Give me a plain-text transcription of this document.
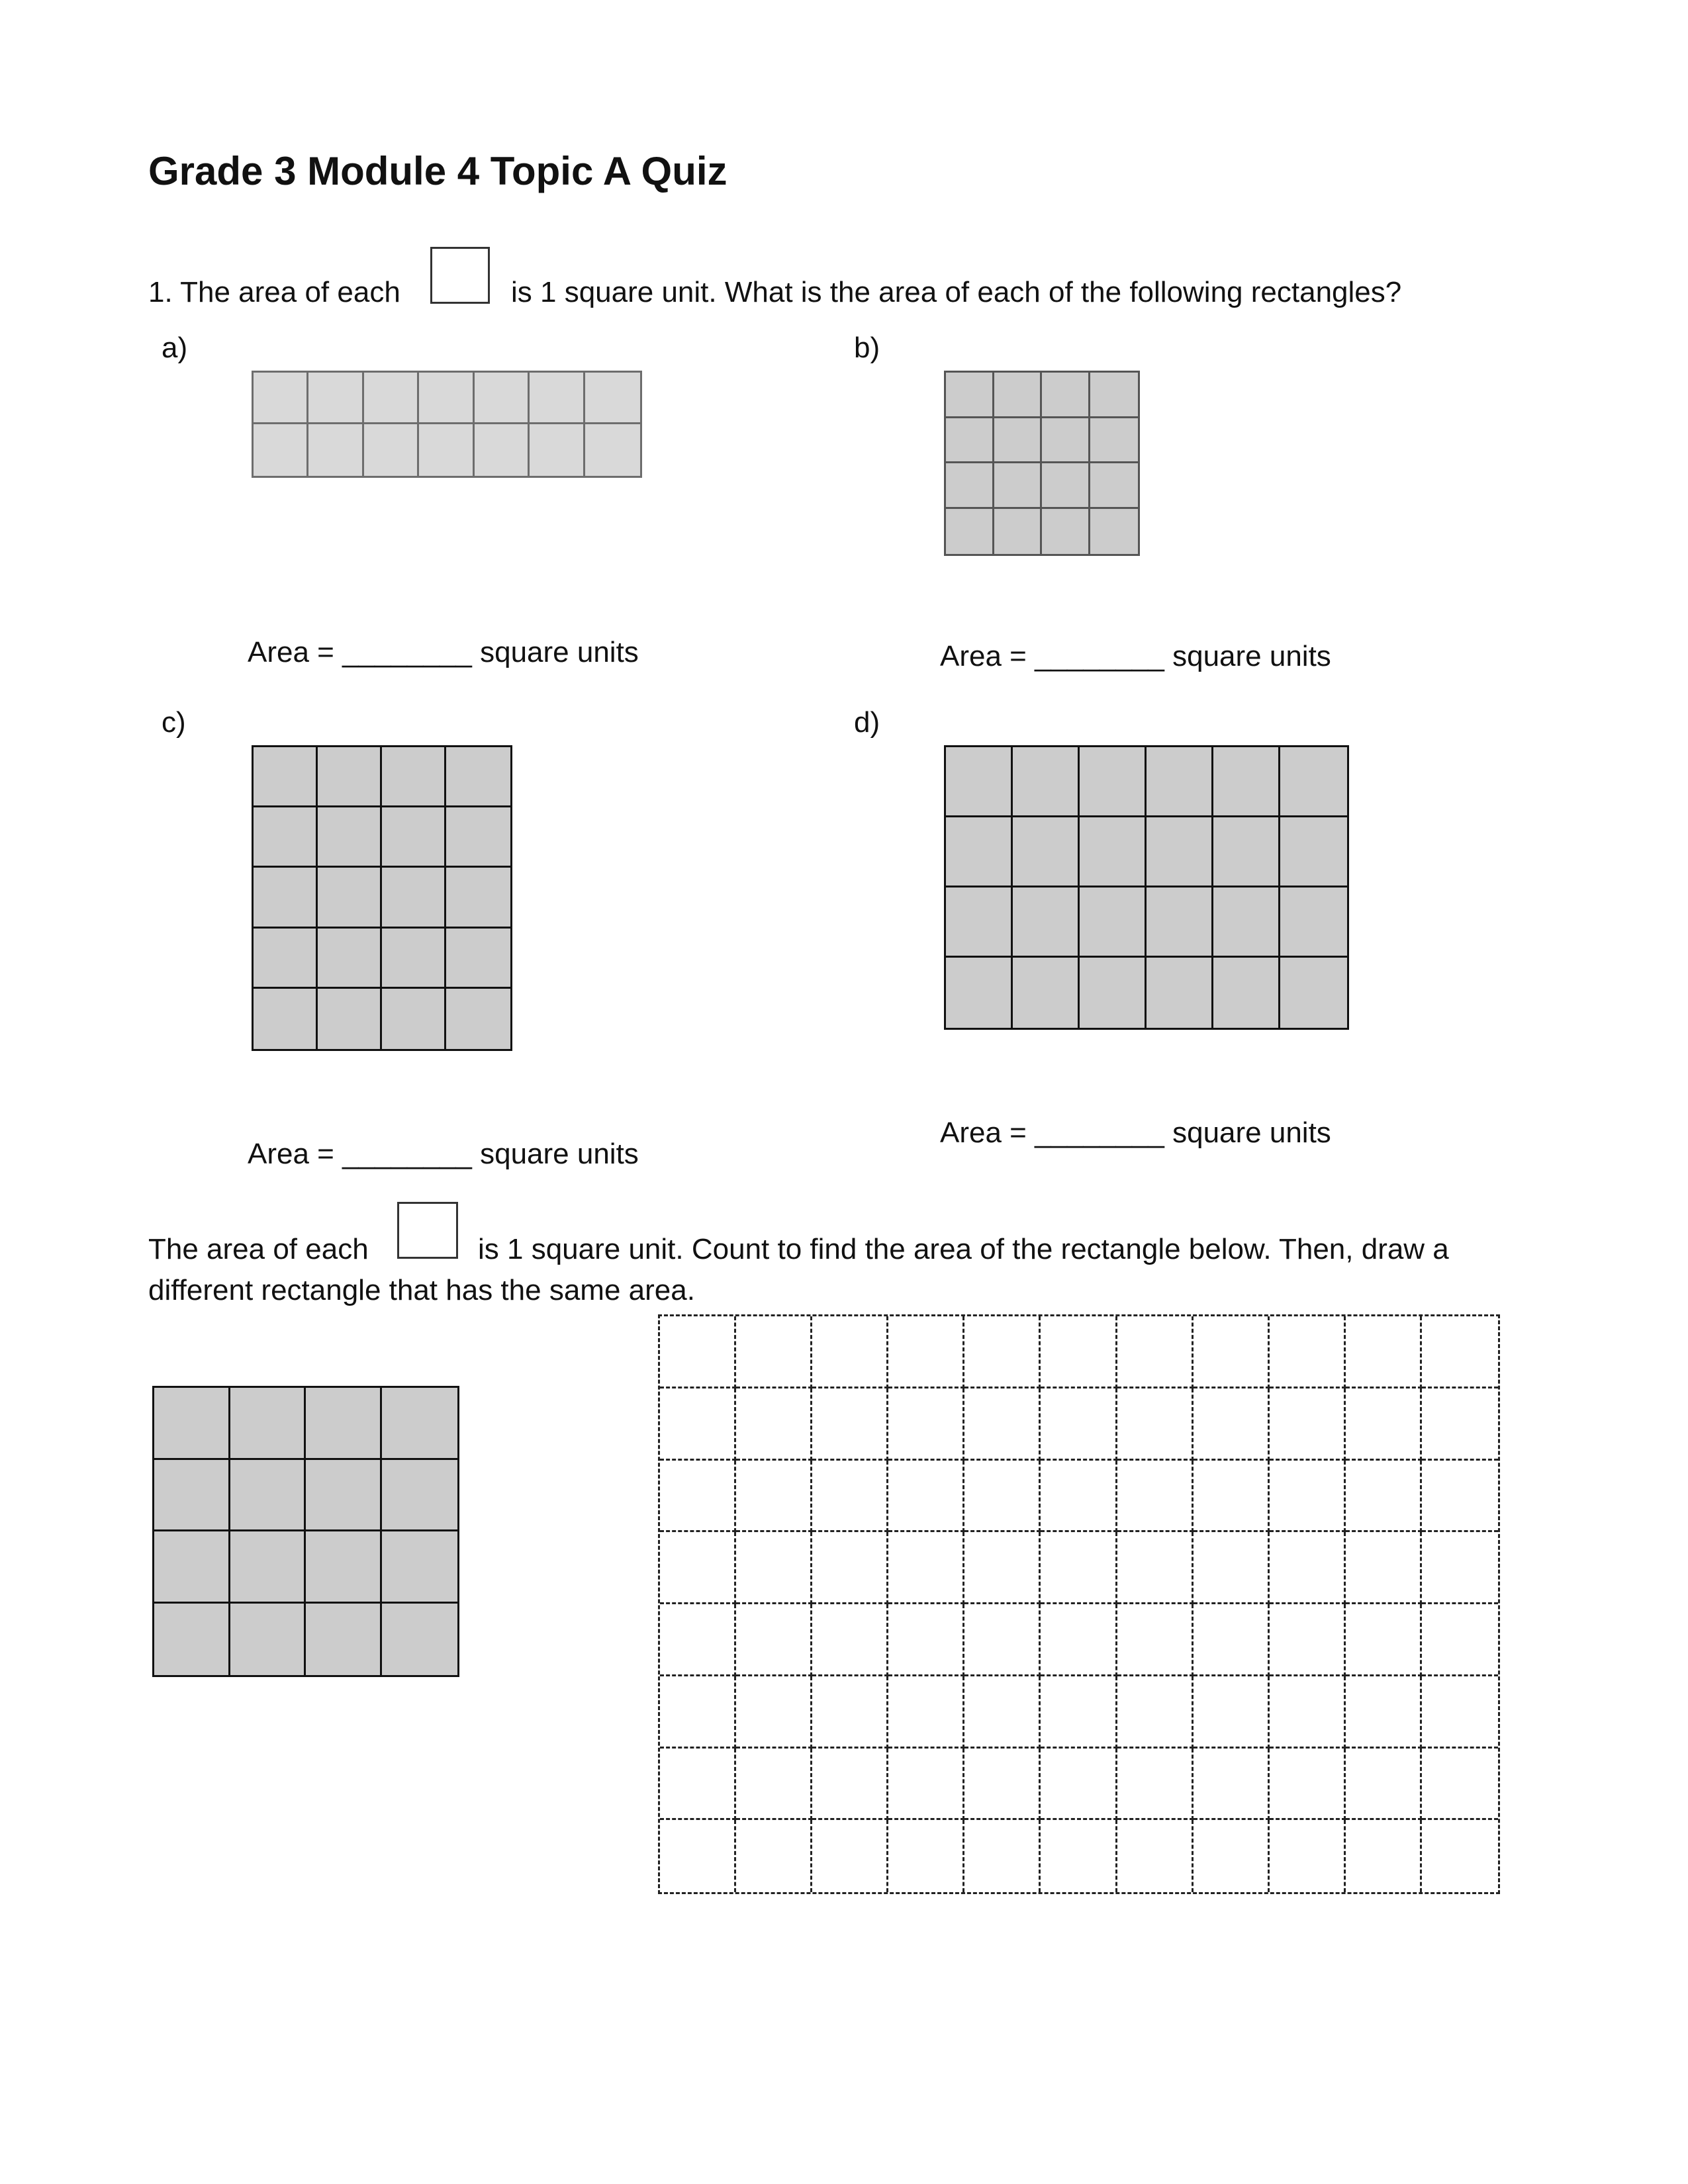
Grade 3 Module 4 Topic A Quiz
1. The area of each	is 1 square unit. What is the area of each of the following rectangles?
a)
Area = ________ square units
b)
Area = ________ square units
c)
Area = ________ square units
d)
Area = ________ square units
The area of each	is 1 square unit. Count to find the area of the rectangle below. Then, draw a
different rectangle that has the same area.
